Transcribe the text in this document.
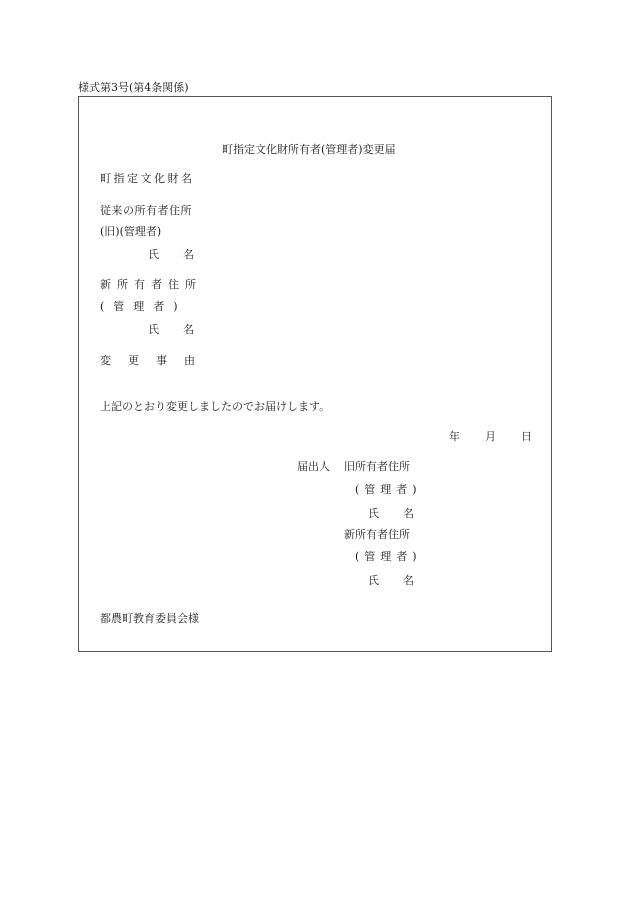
様式第3号(第4条関係)
町指定文化財所有者(管理者)変更届
町指定文化財名
従来の所有者住所
(旧)(管理者)
氏 名
新所有者住所
(管理者)
氏 名
変更事由
上記のとおり変更しましたのでお届けします。
年 月 日
届出人 旧所有者住所
(管理者)
氏 名
新所有者住所
(管理者)
氏 名
都農町教育委員会様
